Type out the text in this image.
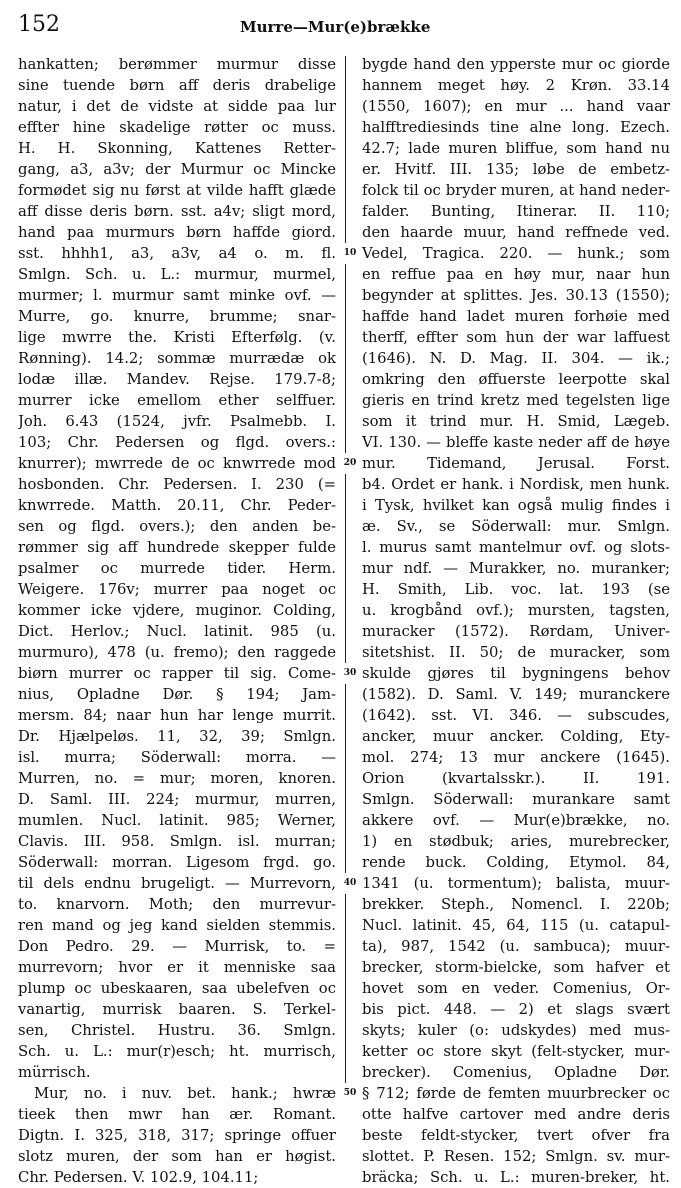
152	Murre—Mur(e)brække
hankatten; berømmer murmur disse
sine tuende børn aff deris drabelige
natur, i det de vidste at sidde paa lur
effter hine skadelige røtter oc muss.
H. H. Skonning, Kattenes Retter-
gang, a3, a3v; der Murmur oc Mincke
formødet sig nu først at vilde hafft glæde
aff disse deris børn. sst. a4v; sligt mord,
hand paa murmurs børn haffde giord.
sst. hhhh1, a3, a3v, a4 o. m. fl.
Smlgn. Sch. u. L.: murmur, murmel,
murmer; l. murmur samt minke ovf. —
Murre, go. knurre, brumme; snar-
lige mwrre the. Kristi Efterfølg. (v.
Rønning). 14.2; sommæ murrædæ ok
lodæ illæ. Mandev. Rejse. 179.7-8;
murrer icke emellom ether selffuer.
Joh. 6.43 (1524, jvfr. Psalmebb. I.
103; Chr. Pedersen og flgd. overs.:
knurrer); mwrrede de oc knwrrede mod
hosbonden. Chr. Pedersen. I. 230 (=
knwrrede. Matth. 20.11, Chr. Peder-
sen og flgd. overs.); den anden be-
rømmer sig aff hundrede skepper fulde
psalmer oc murrede tider. Herm.
Weigere. 176v; murrer paa noget oc
kommer icke vjdere, muginor. Colding,
Dict. Herlov.; Nucl. latinit. 985 (u.
murmuro), 478 (u. fremo); den raggede
biørn murrer oc rapper til sig. Come-
nius, Opladne Dør. § 194; Jam-
mersm. 84; naar hun har lenge murrit.
Dr. Hjælpeløs. 11, 32, 39; Smlgn.
isl. murra; Söderwall: morra. —
Murren, no. = mur; moren, knoren.
D. Saml. III. 224; murmur, murren,
mumlen. Nucl. latinit. 985; Werner,
Clavis. III. 958. Smlgn. isl. murran;
Söderwall: morran. Ligesom frgd. go.
til dels endnu brugeligt. — Murrevorn,
to. knarvorn. Moth; den murrevur-
ren mand og jeg kand sielden stemmis.
Don Pedro. 29. — Murrisk, to. =
murrevorn; hvor er it menniske saa
plump oc ubeskaaren, saa ubelefven oc
vanartig, murrisk baaren. S. Terkel-
sen, Christel. Hustru. 36. Smlgn.
Sch. u. L.: mur(r)esch; ht. murrisch,
mürrisch.
Mur, no. i nuv. bet. hank.; hwræ
tieek then mwr han ær. Romant.
Digtn. I. 325, 318, 317; springe offuer
slotz muren, der som han er høgist.
Chr. Pedersen. V. 102.9, 104.11;
bygde hand den ypperste mur oc giorde
hannem meget høy. 2 Krøn. 33.14
(1550, 1607); en mur ... hand vaar
halfftrediesinds tine alne long. Ezech.
42.7; lade muren bliffue, som hand nu
er. Hvitf. III. 135; løbe de embetz-
folck til oc bryder muren, at hand neder-
falder. Bunting, Itinerar. II. 110;
den haarde muur, hand reffnede ved.
Vedel, Tragica. 220. — hunk.; som
en reffue paa en høy mur, naar hun
begynder at splittes. Jes. 30.13 (1550);
haffde hand ladet muren forhøie med
therff, effter som hun der war laffuest
(1646). N. D. Mag. II. 304. — ik.;
omkring den øffuerste leerpotte skal
gieris en trind kretz med tegelsten lige
som it trind mur. H. Smid, Lægeb.
VI. 130. — bleffe kaste neder aff de høye
mur. Tidemand, Jerusal. Forst.
b4. Ordet er hank. i Nordisk, men hunk.
i Tysk, hvilket kan også mulig findes i
æ. Sv., se Söderwall: mur. Smlgn.
l. murus samt mantelmur ovf. og slots-
mur ndf. — Murakker, no. muranker;
H. Smith, Lib. voc. lat. 193 (se
u. krogbånd ovf.); mursten, tagsten,
muracker (1572). Rørdam, Univer-
sitetshist. II. 50; de muracker, som
skulde gjøres til bygningens behov
(1582). D. Saml. V. 149; muranckere
(1642). sst. VI. 346. — subscudes,
ancker, muur ancker. Colding, Ety-
mol. 274; 13 mur anckere (1645).
Orion (kvartalsskr.). II. 191.
Smlgn. Söderwall: murankare samt
akkere ovf. — Mur(e)brække, no.
1) en stødbuk; aries, murebrecker,
rende buck. Colding, Etymol. 84,
1341 (u. tormentum); balista, muur-
brekker. Steph., Nomencl. I. 220b;
Nucl. latinit. 45, 64, 115 (u. catapul-
ta), 987, 1542 (u. sambuca); muur-
brecker, storm-bielcke, som hafver et
hovet som en veder. Comenius, Or-
bis pict. 448. — 2) et slags svært
skyts; kuler (o: udskydes) med mus-
ketter oc store skyt (felt-stycker, mur-
brecker). Comenius, Opladne Dør.
§ 712; førde de femten muurbrecker oc
otte halfve cartover med andre deris
beste feldt-stycker, tvert ofver fra
slottet. P. Resen. 152; Smlgn. sv. mur-
bräcka; Sch. u. L.: muren-breker, ht.
10
20
30
40
50
